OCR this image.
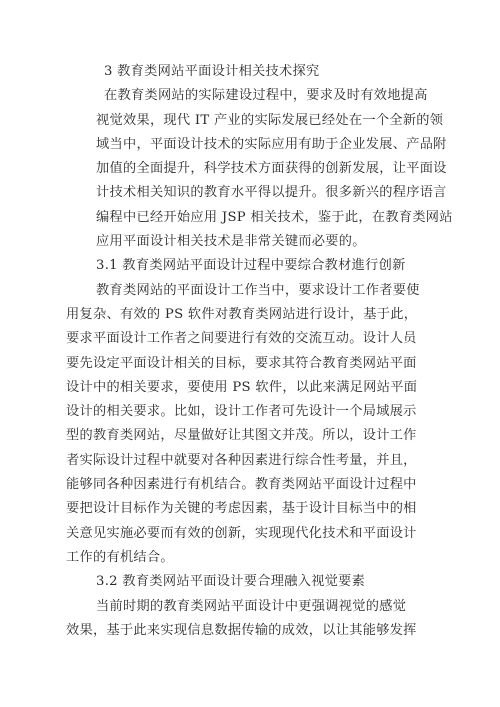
3 教育类网站平面设计相关技术探究
在教育类网站的实际建设过程中，要求及时有效地提高
视觉效果，现代 IT 产业的实际发展已经处在一个全新的领
域当中，平面设计技术的实际应用有助于企业发展、产品附
加值的全面提升，科学技术方面获得的创新发展，让平面设
计技术相关知识的教育水平得以提升。很多新兴的程序语言
编程中已经开始应用 JSP 相关技术，鉴于此，在教育类网站
应用平面设计相关技术是非常关键而必要的。
3.1 教育类网站平面设计过程中要综合教材進行创新
教育类网站的平面设计工作当中，要求设计工作者要使
用复杂、有效的 PS 软件对教育类网站进行设计，基于此，
要求平面设计工作者之间要进行有效的交流互动。设计人员
要先设定平面设计相关的目标，要求其符合教育类网站平面
设计中的相关要求，要使用 PS 软件，以此来满足网站平面
设计的相关要求。比如，设计工作者可先设计一个局域展示
型的教育类网站，尽量做好让其图文并茂。所以，设计工作
者实际设计过程中就要对各种因素进行综合性考量，并且，
能够同各种因素进行有机结合。教育类网站平面设计过程中
要把设计目标作为关键的考虑因素，基于设计目标当中的相
关意见实施必要而有效的创新，实现现代化技术和平面设计
工作的有机结合。
3.2 教育类网站平面设计要合理融入视觉要素
当前时期的教育类网站平面设计中更强调视觉的感觉
效果，基于此来实现信息数据传输的成效，以让其能够发挥
